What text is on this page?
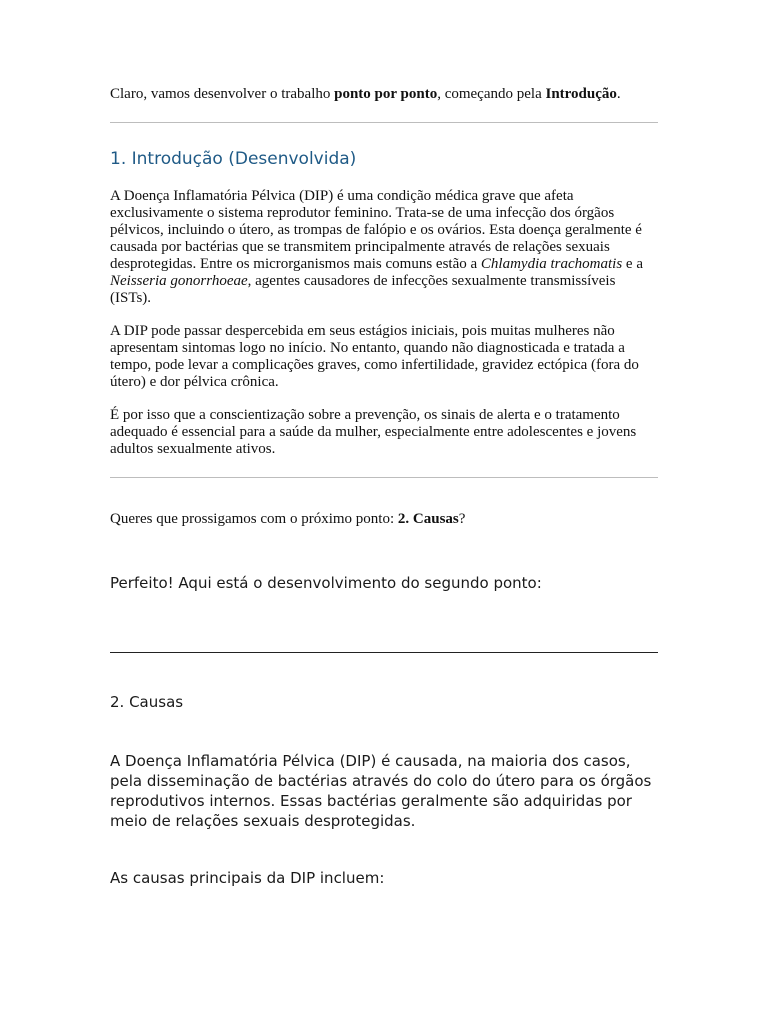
Claro, vamos desenvolver o trabalho ponto por ponto, começando pela Introdução.

1. Introdução (Desenvolvida)

A Doença Inflamatória Pélvica (DIP) é uma condição médica grave que afeta exclusivamente o sistema reprodutor feminino. Trata-se de uma infecção dos órgãos pélvicos, incluindo o útero, as trompas de falópio e os ovários. Esta doença geralmente é causada por bactérias que se transmitem principalmente através de relações sexuais desprotegidas. Entre os microrganismos mais comuns estão a Chlamydia trachomatis e a Neisseria gonorrhoeae, agentes causadores de infecções sexualmente transmissíveis (ISTs).

A DIP pode passar despercebida em seus estágios iniciais, pois muitas mulheres não apresentam sintomas logo no início. No entanto, quando não diagnosticada e tratada a tempo, pode levar a complicações graves, como infertilidade, gravidez ectópica (fora do útero) e dor pélvica crônica.

É por isso que a conscientização sobre a prevenção, os sinais de alerta e o tratamento adequado é essencial para a saúde da mulher, especialmente entre adolescentes e jovens adultos sexualmente ativos.

Queres que prossigamos com o próximo ponto: 2. Causas?

Perfeito! Aqui está o desenvolvimento do segundo ponto:

2. Causas

A Doença Inflamatória Pélvica (DIP) é causada, na maioria dos casos, pela disseminação de bactérias através do colo do útero para os órgãos reprodutivos internos. Essas bactérias geralmente são adquiridas por meio de relações sexuais desprotegidas.

As causas principais da DIP incluem:
